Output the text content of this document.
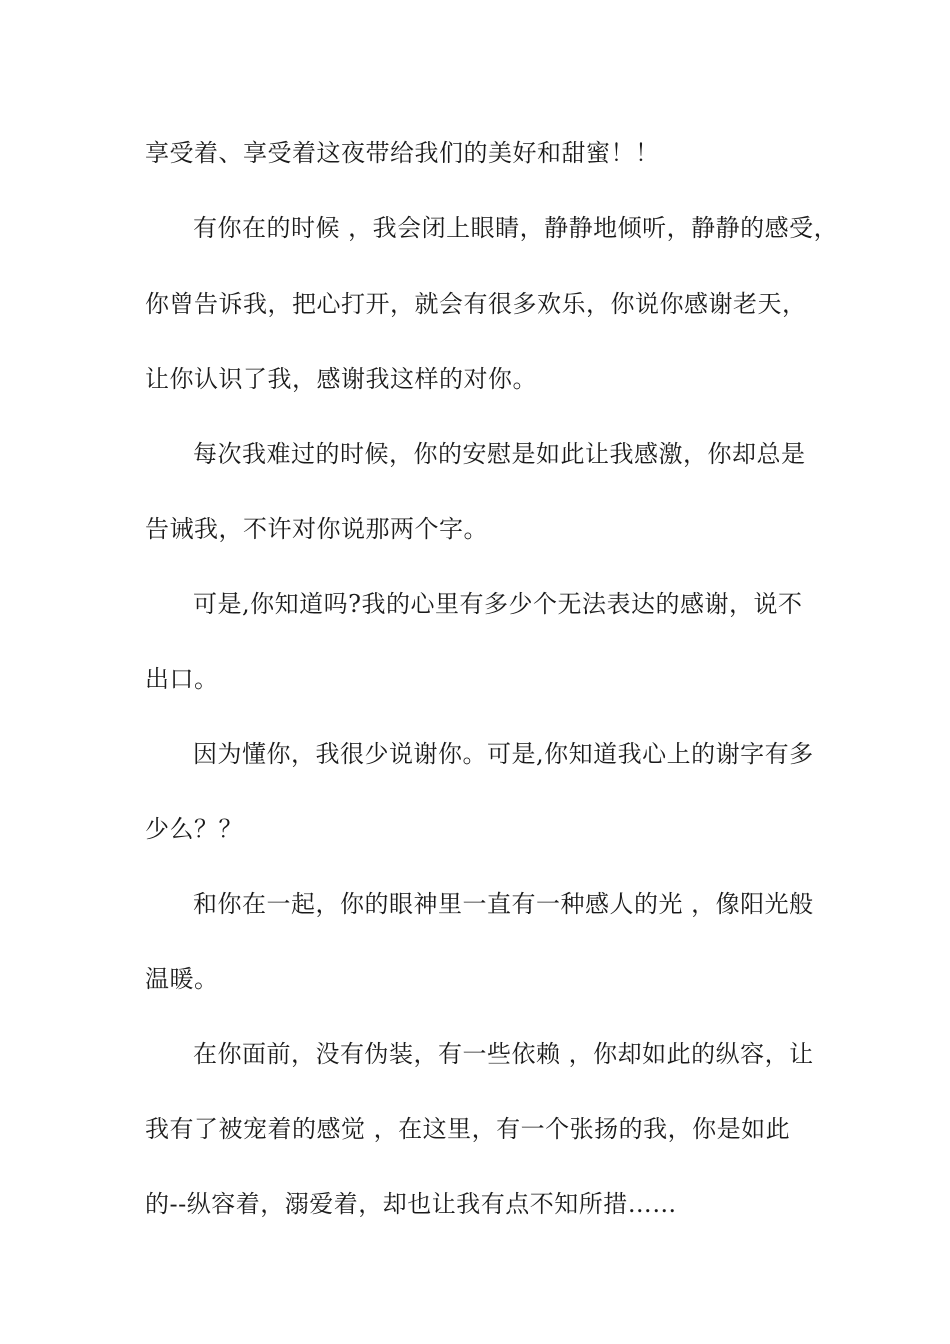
享受着、享受着这夜带给我们的美好和甜蜜！！
有你在的时候 ，我会闭上眼睛，静静地倾听，静静的感受，
你曾告诉我，把心打开，就会有很多欢乐，你说你感谢老天，
让你认识了我，感谢我这样的对你。
每次我难过的时候，你的安慰是如此让我感激，你却总是
告诫我，不许对你说那两个字。
可是,你知道吗?我的心里有多少个无法表达的感谢，说不
出口。
因为懂你，我很少说谢你。可是,你知道我心上的谢字有多
少么？？
和你在一起，你的眼神里一直有一种感人的光 ，像阳光般
温暖。
在你面前，没有伪装，有一些依赖 ，你却如此的纵容，让
我有了被宠着的感觉 ，在这里，有一个张扬的我，你是如此
的--纵容着，溺爱着，却也让我有点不知所措……
